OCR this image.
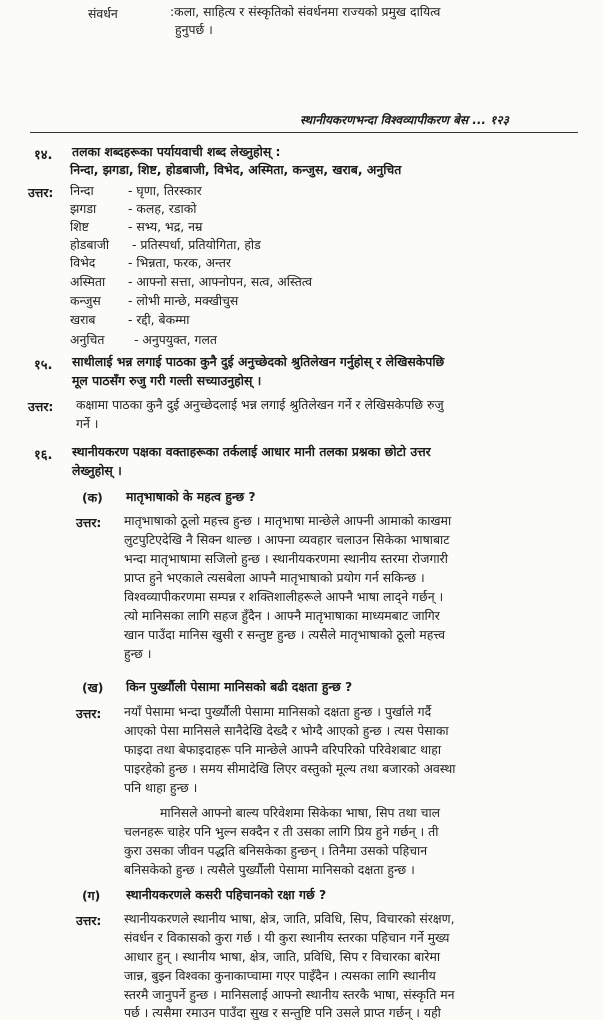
संवर्धन	:कला, साहित्य र संस्कृतिको संवर्धनमा राज्यको प्रमुख दायित्व
हुनुपर्छ ।
स्थानीयकरणभन्दा विश्वव्यापीकरण बेस ... १२३
१४. तलका शब्दहरूका पर्यायवाची शब्द लेख्नुहोस् :
निन्दा, झगडा, शिष्ट, होडबाजी, विभेद, अस्मिता, कन्जुस, खराब, अनुचित
उत्तर: निन्दा	- घृणा, तिरस्कार
झगडा	- कलह, रडाको
शिष्ट	- सभ्य, भद्र, नम्र
होडबाजी - प्रतिस्पर्धा, प्रतियोगिता, होड
विभेद	- भिन्नता, फरक, अन्तर
अस्मिता - आफ्नो सत्ता, आफ्नोपन, सत्व, अस्तित्व
कन्जुस - लोभी मान्छे, मक्खीचुस
खराब	- रद्दी, बेकम्मा
अनुचित - अनुपयुक्त, गलत
१५. साथीलाई भन्न लगाई पाठका कुनै दुई अनुच्छेदको श्रुतिलेखन गर्नुहोस् र लेखिसकेपछि
मूल पाठसँग रुजु गरी गल्ती सच्याउनुहोस् ।
उत्तर: कक्षामा पाठका कुनै दुई अनुच्छेदलाई भन्न लगाई श्रुतिलेखन गर्ने र लेखिसकेपछि रुजु
गर्ने ।
१६. स्थानीयकरण पक्षका वक्ताहरूका तर्कलाई आधार मानी तलका प्रश्नका छोटो उत्तर
लेख्नुहोस् ।
(क) मातृभाषाको के महत्व हुन्छ ?
उत्तर: मातृभाषाको ठूलो महत्त्व हुन्छ । मातृभाषा मान्छेले आफ्नी आमाको काखमा
लुटपुटिएदेखि नै सिक्न थाल्छ । आफ्ना व्यवहार चलाउन सिकेका भाषाबाट
भन्दा मातृभाषामा सजिलो हुन्छ । स्थानीयकरणमा स्थानीय स्तरमा रोजगारी
प्राप्त हुने भएकाले त्यसबेला आफ्नै मातृभाषाको प्रयोग गर्न सकिन्छ ।
विश्वव्यापीकरणमा सम्पन्न र शक्तिशालीहरूले आफ्नै भाषा लाद्ने गर्छन् ।
त्यो मानिसका लागि सहज हुँदैन । आफ्नै मातृभाषाका माध्यमबाट जागिर
खान पाउँदा मानिस खुसी र सन्तुष्ट हुन्छ । त्यसैले मातृभाषाको ठूलो महत्त्व
हुन्छ ।
(ख) किन पुर्ख्यौली पेसामा मानिसको बढी दक्षता हुन्छ ?
उत्तर: नयाँ पेसामा भन्दा पुर्ख्यौली पेसामा मानिसको दक्षता हुन्छ । पुर्खाले गर्दै
आएको पेसा मानिसले सानैदेखि देख्दै र भोग्दै आएको हुन्छ । त्यस पेसाका
फाइदा तथा बेफाइदाहरू पनि मान्छेले आफ्नै वरिपरिको परिवेशबाट थाहा
पाइरहेको हुन्छ । समय सीमादेखि लिएर वस्तुको मूल्य तथा बजारको अवस्था
पनि थाहा हुन्छ ।
मानिसले आफ्नो बाल्य परिवेशमा सिकेका भाषा, सिप तथा चाल
चलनहरू चाहेर पनि भुल्न सक्दैन र ती उसका लागि प्रिय हुने गर्छन् । ती
कुरा उसका जीवन पद्धति बनिसकेका हुन्छन् । तिनैमा उसको पहिचान
बनिसकेको हुन्छ । त्यसैले पुर्ख्यौली पेसामा मानिसको दक्षता हुन्छ ।
(ग) स्थानीयकरणले कसरी पहिचानको रक्षा गर्छ ?
उत्तर: स्थानीयकरणले स्थानीय भाषा, क्षेत्र, जाति, प्रविधि, सिप, विचारको संरक्षण,
संवर्धन र विकासको कुरा गर्छ । यी कुरा स्थानीय स्तरका पहिचान गर्ने मुख्य
आधार हुन् । स्थानीय भाषा, क्षेत्र, जाति, प्रविधि, सिप र विचारका बारेमा
जान्न, बुझ्न विश्वका कुनाकाप्चामा गएर पाइँदैन । त्यसका लागि स्थानीय
स्तरमै जानुपर्ने हुन्छ । मानिसलाई आफ्नो स्थानीय स्तरकै भाषा, संस्कृति मन
पर्छ । त्यसैमा रमाउन पाउँदा सुख र सन्तुष्टि पनि उसले प्राप्त गर्छन् । यही
